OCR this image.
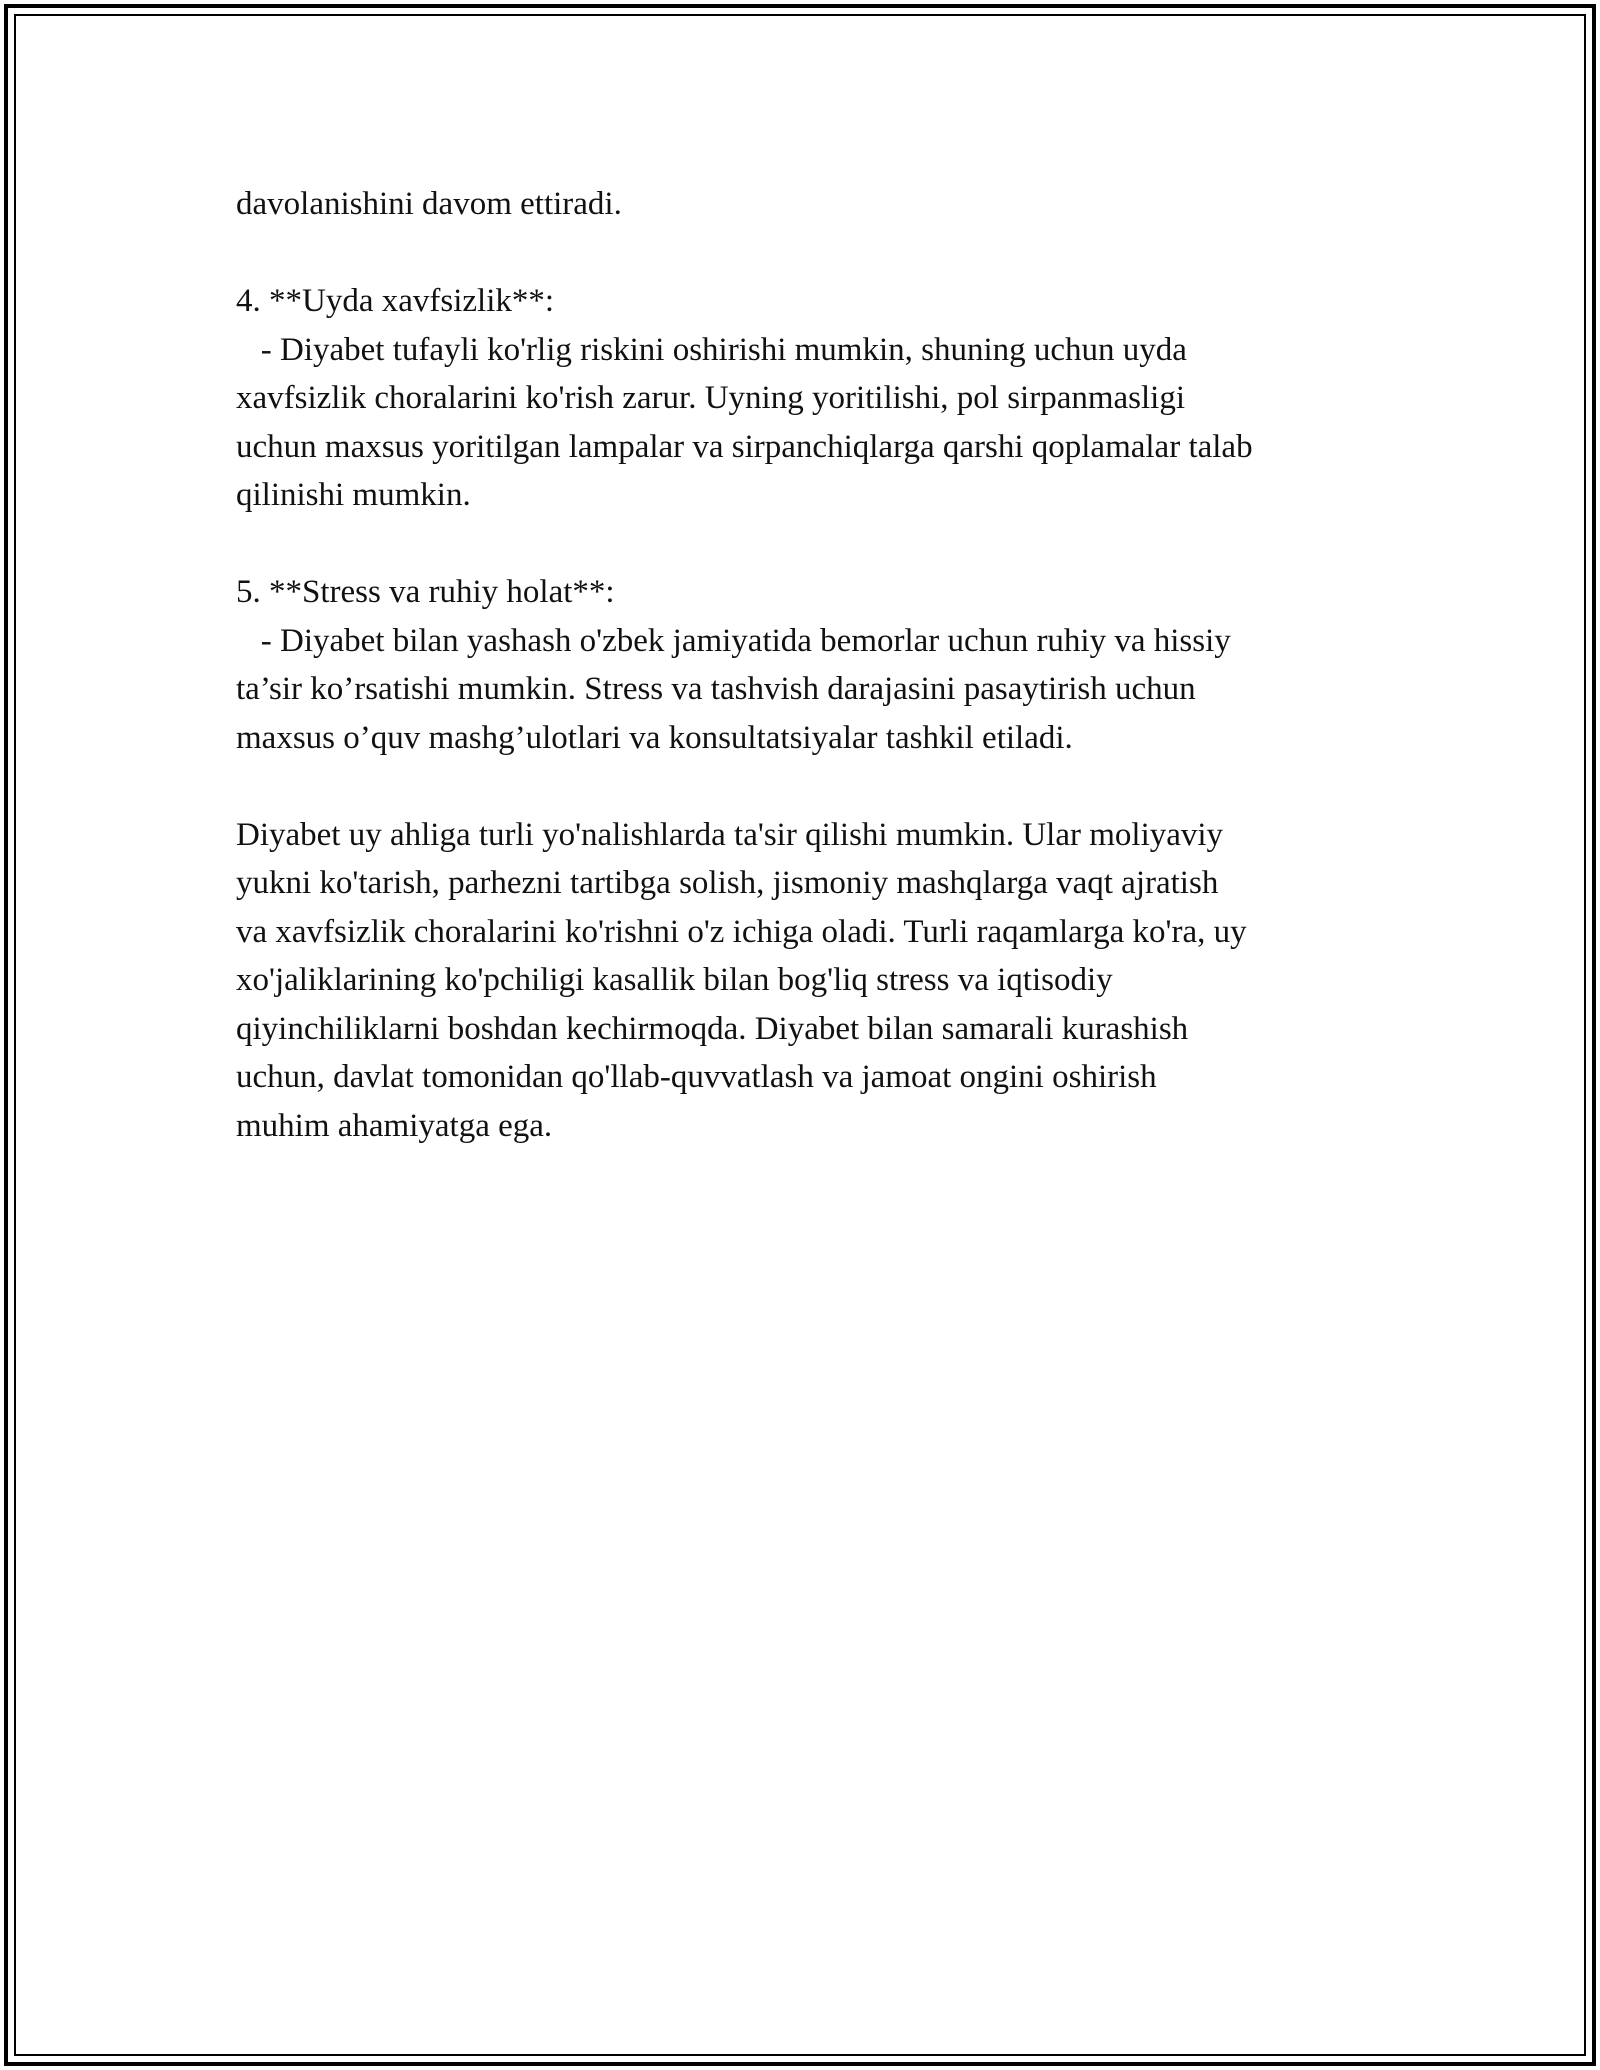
davolanishini davom ettiradi.
4. **Uyda xavfsizlik**:
- Diyabet tufayli ko'rlig riskini oshirishi mumkin, shuning uchun uyda
xavfsizlik choralarini ko'rish zarur. Uyning yoritilishi, pol sirpanmasligi
uchun maxsus yoritilgan lampalar va sirpanchiqlarga qarshi qoplamalar talab
qilinishi mumkin.
5. **Stress va ruhiy holat**:
- Diyabet bilan yashash o'zbek jamiyatida bemorlar uchun ruhiy va hissiy
ta’sir ko’rsatishi mumkin. Stress va tashvish darajasini pasaytirish uchun
maxsus o’quv mashg’ulotlari va konsultatsiyalar tashkil etiladi.
Diyabet uy ahliga turli yo'nalishlarda ta'sir qilishi mumkin. Ular moliyaviy
yukni ko'tarish, parhezni tartibga solish, jismoniy mashqlarga vaqt ajratish
va xavfsizlik choralarini ko'rishni o'z ichiga oladi. Turli raqamlarga ko'ra, uy
xo'jaliklarining ko'pchiligi kasallik bilan bog'liq stress va iqtisodiy
qiyinchiliklarni boshdan kechirmoqda. Diyabet bilan samarali kurashish
uchun, davlat tomonidan qo'llab-quvvatlash va jamoat ongini oshirish
muhim ahamiyatga ega.
